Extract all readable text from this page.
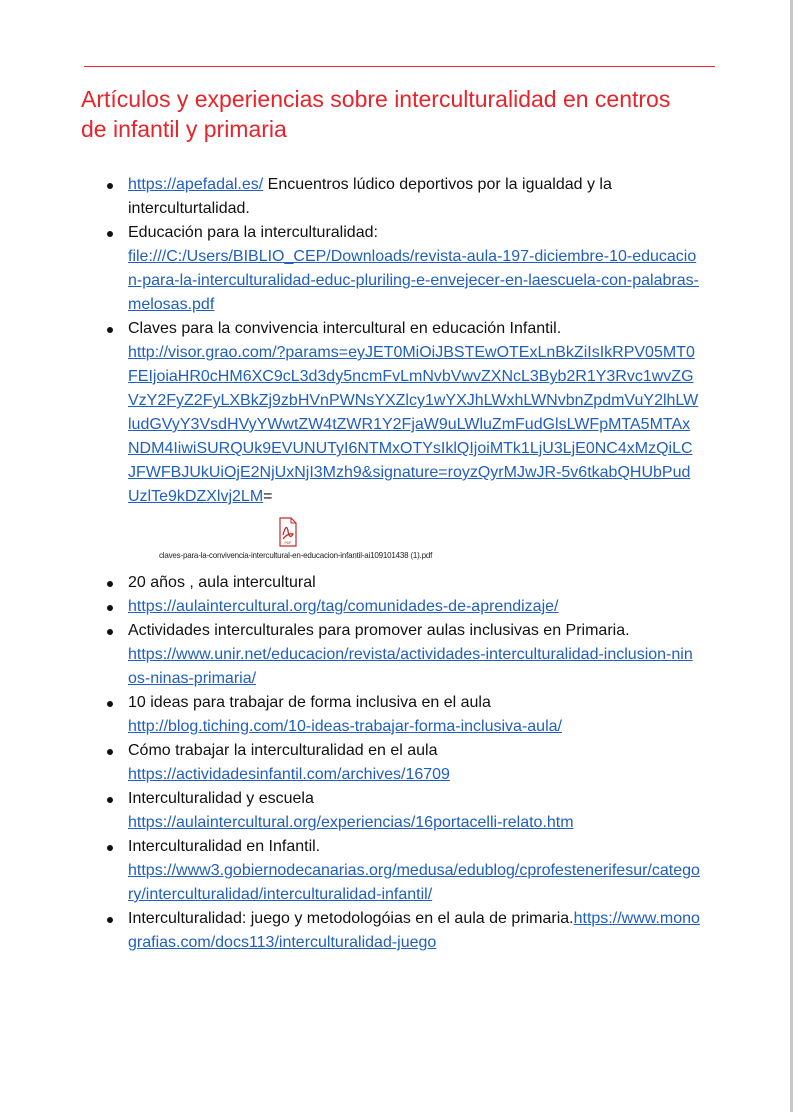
Artículos y experiencias sobre interculturalidad en centros de infantil y primaria
https://apefadal.es/ Encuentros lúdico deportivos por la igualdad y la interculturtalidad.
Educación para la interculturalidad:
file:///C:/Users/BIBLIO_CEP/Downloads/revista-aula-197-diciembre-10-educacion-para-la-interculturalidad-educ-pluriling-e-envejecer-en-laescuela-con-palabras-melosas.pdf
Claves para la convivencia intercultural en educación Infantil.
http://visor.grao.com/?params=eyJET0MiOiJBSTEwOTExLnBkZiIsIkRPV05MT0FEIjoiaHR0cHM6XC9cL3d3dy5ncmFvLmNvbVwvZXNcL3Byb2R1Y3Rvc1wvZGVzY2FyZ2FyLXBkZj9zbHVnPWNsYXZlcy1wYXJhLWxhLWNvbnZpdmVuY2lhLWludGVyY3VsdHVyYWwtZW4tZWR1Y2FjaW9uLWluZmFudGlsLWFpMTA5MTAxNDM4IiwiSURQUk9EVUNUTyI6NTMxOTYsIklQIjoiMTk1LjU3LjE0NC4xMzQiLCJFWFBJUkUiOjE2NjUxNjI3Mzh9&signature=royzQyrMJwJR-5v6tkabQHUbPudUzlTe9kDZXlvj2LM=
PDF
claves-para-la-convivencia-intercultural-en-educacion-infantil-ai109101438 (1).pdf
20 años , aula intercultural
https://aulaintercultural.org/tag/comunidades-de-aprendizaje/
Actividades interculturales para promover aulas inclusivas en Primaria.
https://www.unir.net/educacion/revista/actividades-interculturalidad-inclusion-ninos-ninas-primaria/
10 ideas para trabajar de forma inclusiva en el aula
http://blog.tiching.com/10-ideas-trabajar-forma-inclusiva-aula/
Cómo trabajar la interculturalidad en el aula
https://actividadesinfantil.com/archives/16709
Interculturalidad y escuela
https://aulaintercultural.org/experiencias/16portacelli-relato.htm
Interculturalidad en Infantil.
https://www3.gobiernodecanarias.org/medusa/edublog/cprofestenerifesur/category/interculturalidad/interculturalidad-infantil/
Interculturalidad: juego y metodologóias en el aula de primaria.https://www.monografias.com/docs113/interculturalidad-juego
